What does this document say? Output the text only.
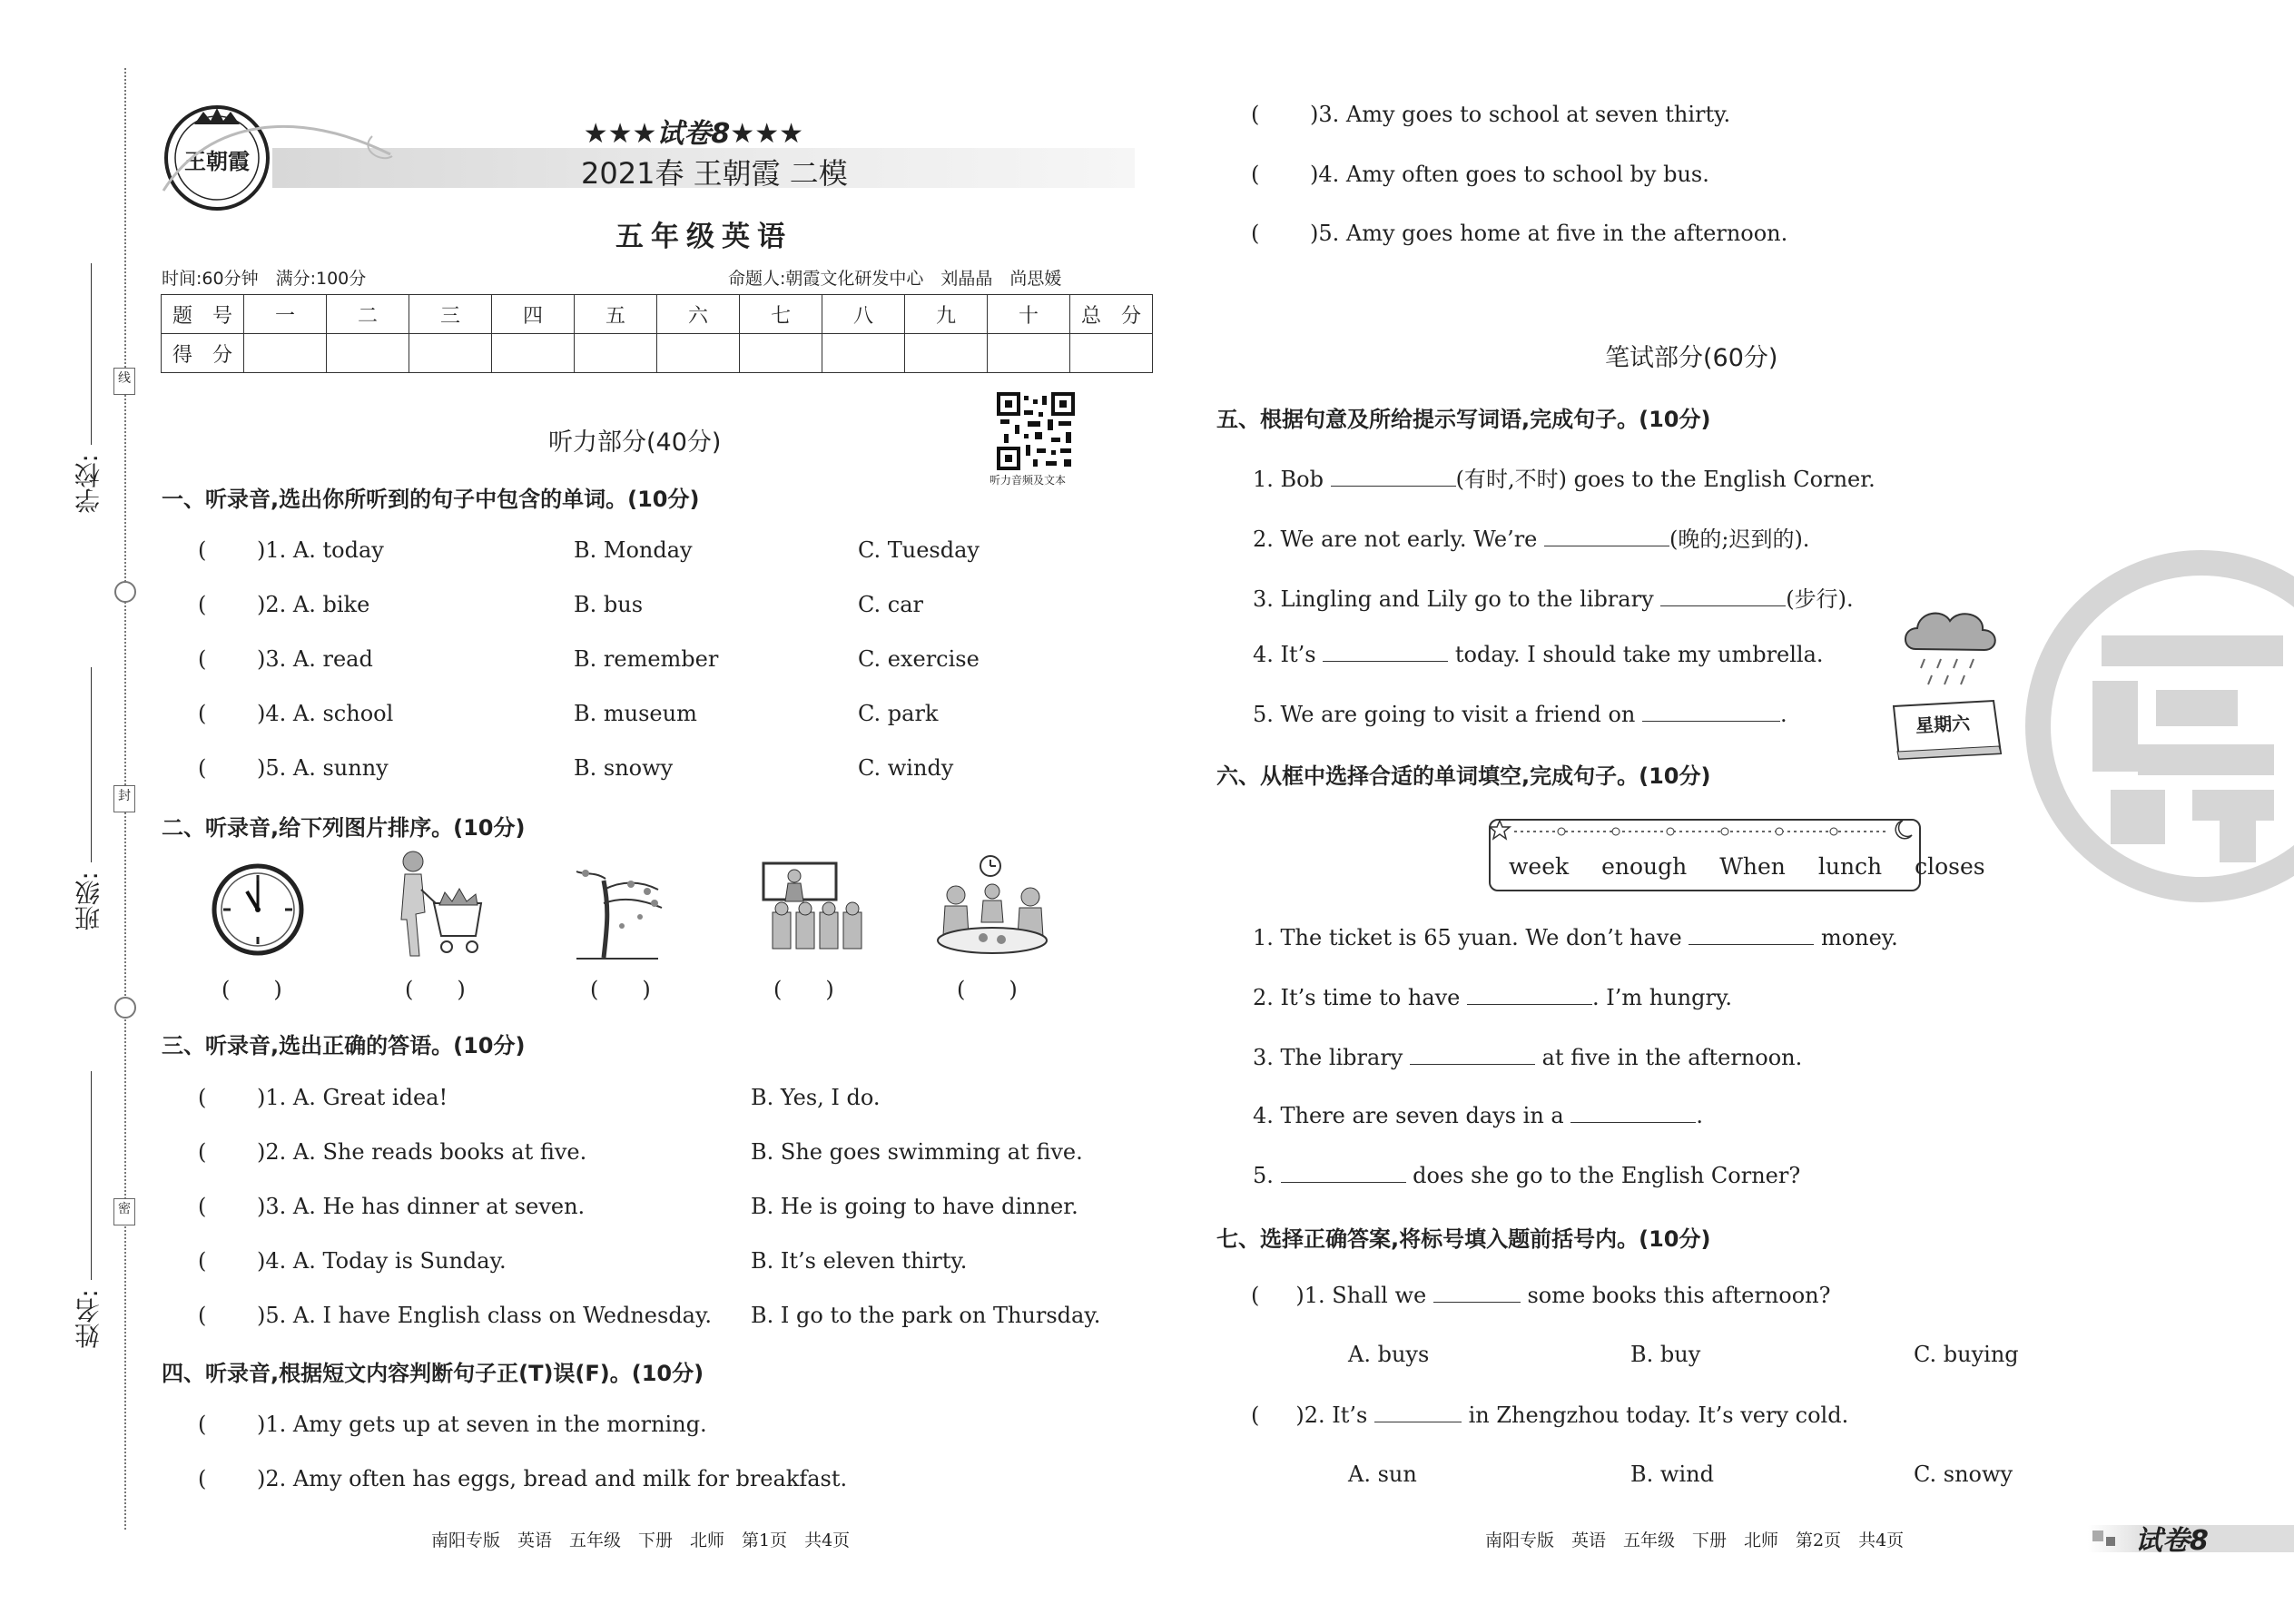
学校:
班级:
姓名:
线
封
密
王朝霞
★★★试卷8★★★
2021春 王朝霞 二模
五年级英语
时间:60分钟　满分:100分	命题人:朝霞文化研发中心　刘晶晶　尚思媛
题　号	一	二	三	四	五	六	七	八	九	十	总　分
得　分											
听力音频及文本
听力部分(40分)
一、听录音,选出你所听到的句子中包含的单词。(10分)
( )1. A. today	B. Monday	C. Tuesday
( )2. A. bike	B. bus	C. car
( )3. A. read	B. remember	C. exercise
( )4. A. school	B. museum	C. park
( )5. A. sunny	B. snowy	C. windy
二、听录音,给下列图片排序。(10分)
(　　)	(　　)	(　　)	(　　)	(　　)
三、听录音,选出正确的答语。(10分)
( )1. A. Great idea!	B. Yes, I do.
( )2. A. She reads books at five.	B. She goes swimming at five.
( )3. A. He has dinner at seven.	B. He is going to have dinner.
( )4. A. Today is Sunday.	B. It’s eleven thirty.
( )5. A. I have English class on Wednesday. B. I go to the park on Thursday.
四、听录音,根据短文内容判断句子正(T)误(F)。(10分)
( )1. Amy gets up at seven in the morning.
( )2. Amy often has eggs, bread and milk for breakfast.
( )3. Amy goes to school at seven thirty.
( )4. Amy often goes to school by bus.
( )5. Amy goes home at five in the afternoon.
南阳专版　英语　五年级　下册　北师　第1页　共4页
笔试部分(60分)
五、根据句意及所给提示写词语,完成句子。(10分)
1. Bob	(有时,不时) goes to the English Corner.
2. We are not early. We’re	(晚的;迟到的).
3. Lingling and Lily go to the library	(步行).
4. It’s	today. I should take my umbrella.
5. We are going to visit a friend on	.	星期六
六、从框中选择合适的单词填空,完成句子。(10分)
week enough When lunch closes
1. The ticket is 65 yuan. We don’t have	money.
2. It’s time to have	. I’m hungry.
3. The library	at five in the afternoon.
4. There are seven days in a	.
5.	does she go to the English Corner?
七、选择正确答案,将标号填入题前括号内。(10分)
( )1. Shall we	some books this afternoon?
A. buys	B. buy	C. buying
( )2. It’s	in Zhengzhou today. It’s very cold.
A. sun	B. wind	C. snowy
南阳专版　英语　五年级　下册　北师　第2页　共4页	试卷8
